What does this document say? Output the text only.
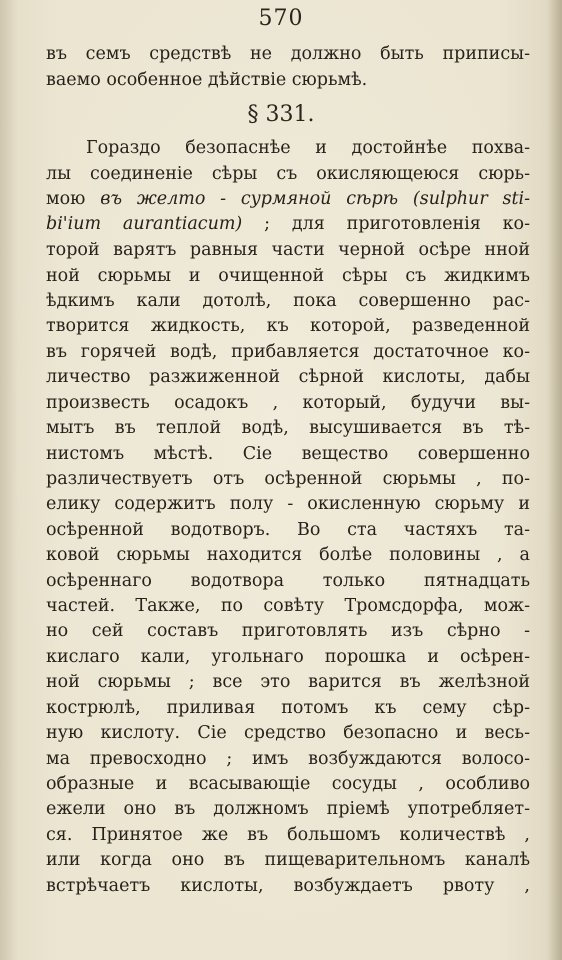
570
§ 331.
въ семъ средствѣ не должно быть приписы-
ваемо особенное дѣйствіе сюрьмѣ.
Гораздо безопаснѣе и достойнѣе похва-
лы соединеніе сѣры съ окисляющеюся сюрь-
мою въ желто - сурмяной сѣрѣ (sulphur sti-
bi'ium aurantiacum) ; для приготовленія ко-
торой варятъ равныя части черной осѣре нной
ной сюрьмы и очищенной сѣры съ жидкимъ
ѣдкимъ кали дотолѣ, пока совершенно рас-
творится жидкость, къ которой, разведенной
въ горячей водѣ, прибавляется достаточное ко-
личество разжиженной сѣрной кислоты, дабы
произвесть осадокъ , который, будучи вы-
мытъ въ теплой водѣ, высушивается въ тѣ-
нистомъ мѣстѣ. Сіе вещество совершенно
различествуетъ отъ осѣренной сюрьмы , по-
елику содержитъ полу - окисленную сюрьму и
осѣренной водотворъ. Во ста частяхъ та-
ковой сюрьмы находится болѣе половины , а
осѣреннаго водотвора только пятнадцать
частей. Также, по совѣту Тромсдорфа, мож-
но сей составъ приготовлять изъ сѣрно -
кислаго кали, угольнаго порошка и осѣрен-
ной сюрьмы ; все это варится въ желѣзной
кострюлѣ, приливая потомъ къ сему сѣр-
ную кислоту. Сіе средство безопасно и весь-
ма превосходно ; имъ возбуждаются волосо-
образные и всасывающіе сосуды , особливо
ежели оно въ должномъ пріемѣ употребляет-
ся. Принятое же въ большомъ количествѣ ,
или когда оно въ пищеварительномъ каналѣ
встрѣчаетъ кислоты, возбуждаетъ рвоту ,
